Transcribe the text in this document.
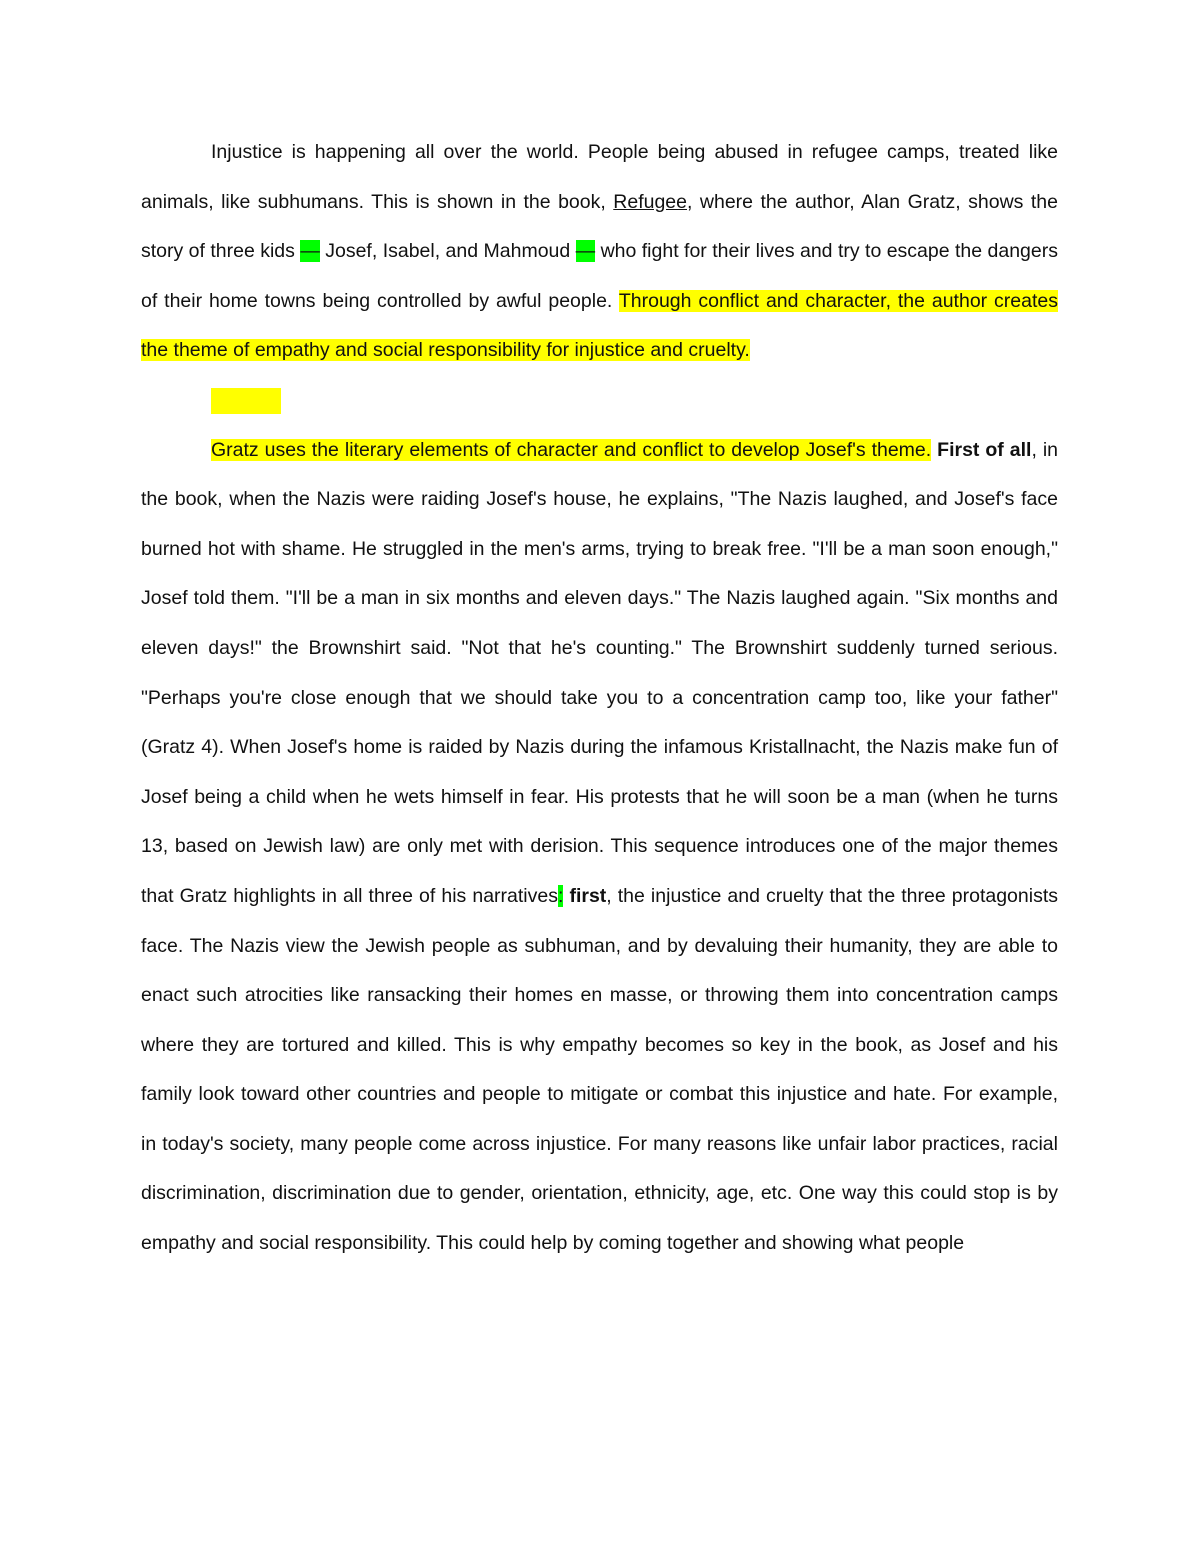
Injustice is happening all over the world. People being abused in refugee camps, treated like animals, like subhumans. This is shown in the book, Refugee, where the author, Alan Gratz, shows the story of three kids — Josef, Isabel, and Mahmoud — who fight for their lives and try to escape the dangers of their home towns being controlled by awful people. Through conflict and character, the author creates the theme of empathy and social responsibility for injustice and cruelty.

Gratz uses the literary elements of character and conflict to develop Josef's theme. First of all, in the book, when the Nazis were raiding Josef's house, he explains, "The Nazis laughed, and Josef's face burned hot with shame. He struggled in the men's arms, trying to break free. "I'll be a man soon enough," Josef told them. "I'll be a man in six months and eleven days." The Nazis laughed again. "Six months and eleven days!" the Brownshirt said. "Not that he's counting." The Brownshirt suddenly turned serious. "Perhaps you're close enough that we should take you to a concentration camp too, like your father" (Gratz 4). When Josef's home is raided by Nazis during the infamous Kristallnacht, the Nazis make fun of Josef being a child when he wets himself in fear. His protests that he will soon be a man (when he turns 13, based on Jewish law) are only met with derision. This sequence introduces one of the major themes that Gratz highlights in all three of his narratives: first, the injustice and cruelty that the three protagonists face. The Nazis view the Jewish people as subhuman, and by devaluing their humanity, they are able to enact such atrocities like ransacking their homes en masse, or throwing them into concentration camps where they are tortured and killed. This is why empathy becomes so key in the book, as Josef and his family look toward other countries and people to mitigate or combat this injustice and hate. For example, in today's society, many people come across injustice. For many reasons like unfair labor practices, racial discrimination, discrimination due to gender, orientation, ethnicity, age, etc. One way this could stop is by empathy and social responsibility. This could help by coming together and showing what people
